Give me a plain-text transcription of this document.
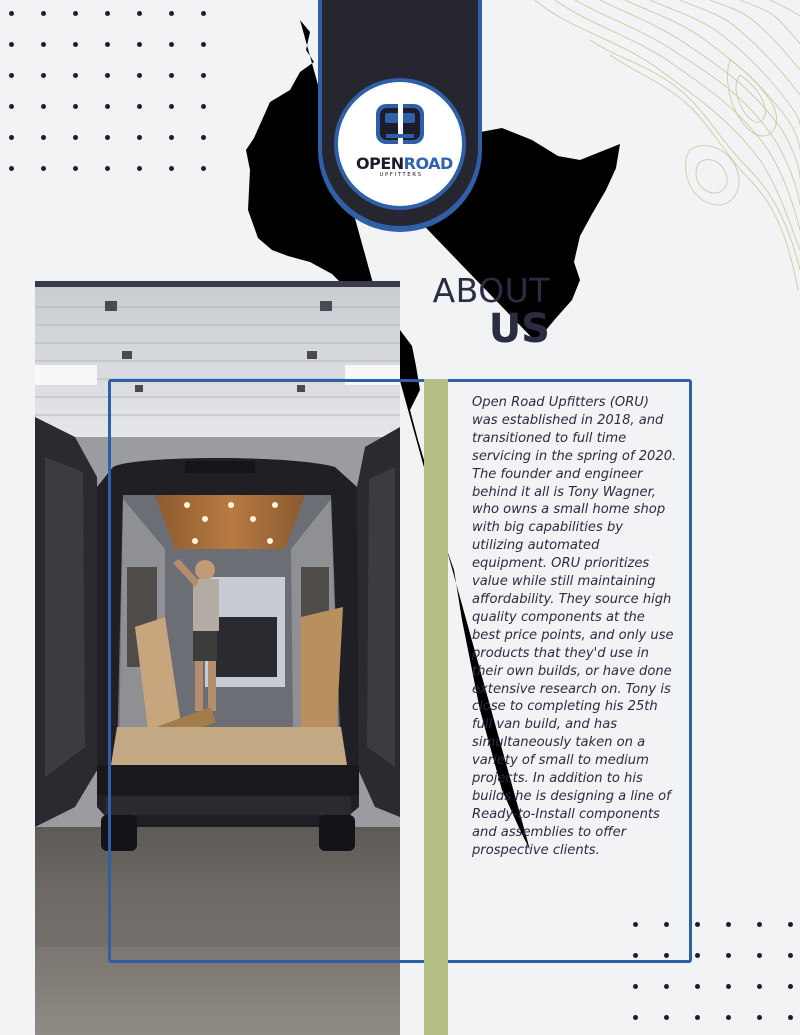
OPENROAD
UPFITTERS
ABOUT
US
Open Road Upfitters (ORU) was established in 2018, and transitioned to full time servicing in the spring of 2020. The founder and engineer behind it all is Tony Wagner, who owns a small home shop with big capabilities by utilizing automated equipment. ORU prioritizes value while still maintaining affordability. They source high quality components at the best price points, and only use products that they'd use in their own builds, or have done extensive research on. Tony is close to completing his 25th full van build, and has simultaneously taken on a variety of small to medium projects. In addition to his builds he is designing a line of Ready-to-Install components and assemblies to offer prospective clients.
